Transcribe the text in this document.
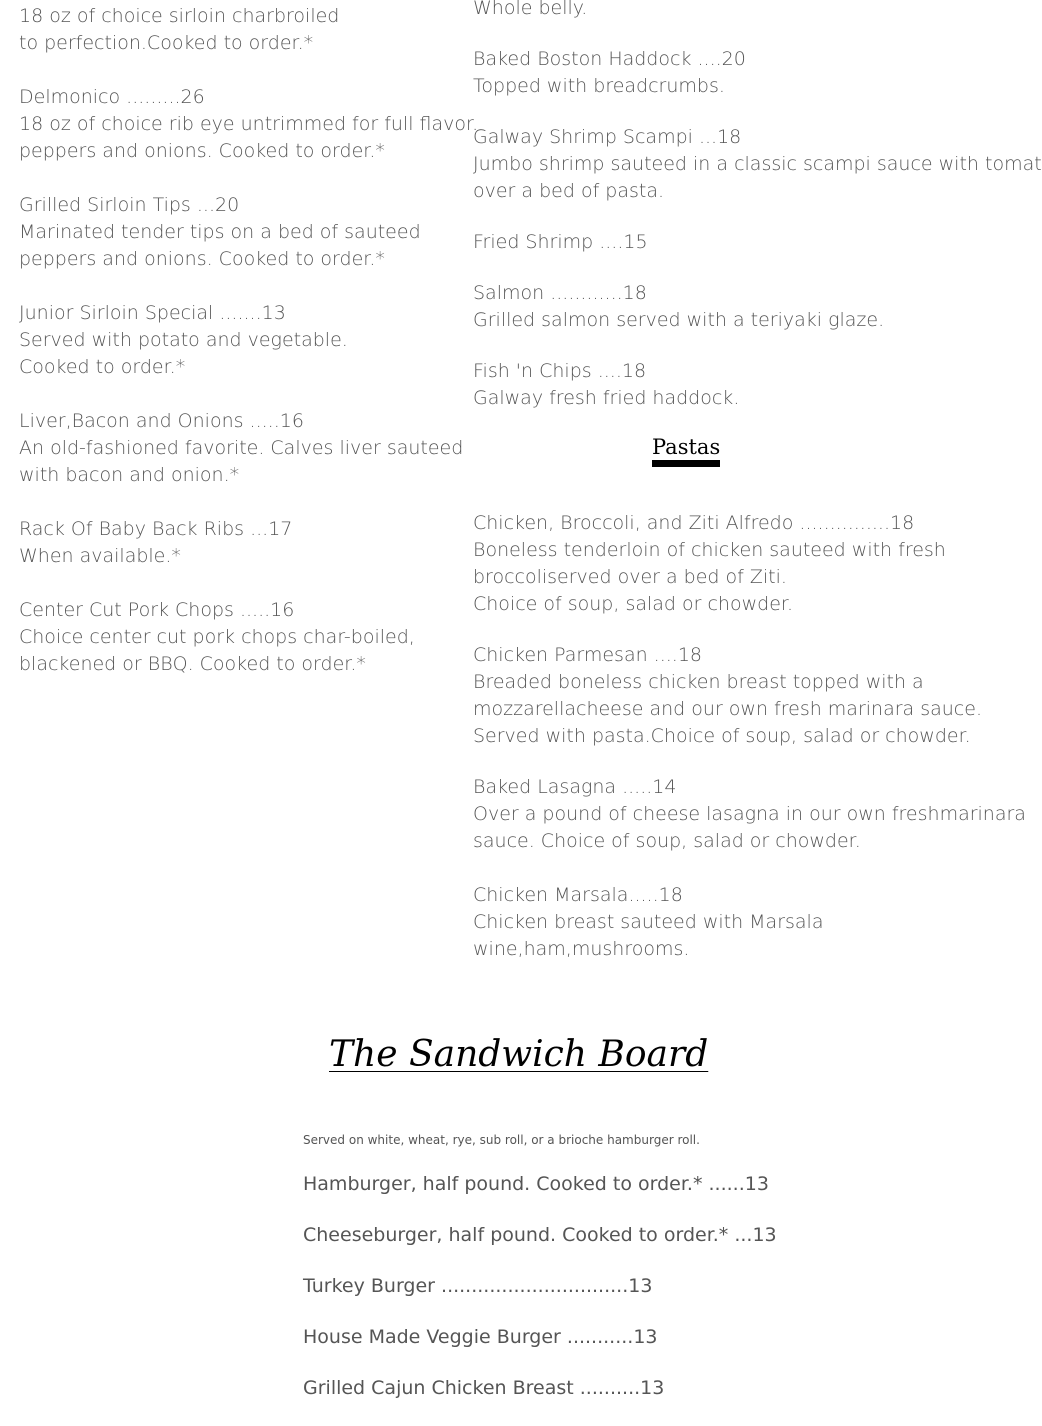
18 oz of choice sirloin charbroiled
to perfection.Cooked to order.*
Delmonico .........26
18 oz of choice rib eye untrimmed for full flavor.
peppers and onions. Cooked to order.*
Grilled Sirloin Tips ...20
Marinated tender tips on a bed of sauteed
peppers and onions. Cooked to order.*
Junior Sirloin Special .......13
Served with potato and vegetable.
Cooked to order.*
Liver,Bacon and Onions .....16
An old-fashioned favorite. Calves liver sauteed
with bacon and onion.*
Rack Of Baby Back Ribs ...17
When available.*
Center Cut Pork Chops .....16
Choice center cut pork chops char-boiled,
blackened or BBQ. Cooked to order.*
Whole belly.
Baked Boston Haddock ....20
Topped with breadcrumbs.
Galway Shrimp Scampi ...18
Jumbo shrimp sauteed in a classic scampi sauce with tomat
over a bed of pasta.
Fried Shrimp ....15
Salmon ............18
Grilled salmon served with a teriyaki glaze.
Fish 'n Chips ....18
Galway fresh fried haddock.
Pastas
Chicken, Broccoli, and Ziti Alfredo ...............18
Boneless tenderloin of chicken sauteed with fresh
broccoliserved over a bed of Ziti.
Choice of soup, salad or chowder.
Chicken Parmesan ....18
Breaded boneless chicken breast topped with a
mozzarellacheese and our own fresh marinara sauce.
Served with pasta.Choice of soup, salad or chowder.
Baked Lasagna .....14
Over a pound of cheese lasagna in our own freshmarinara
sauce. Choice of soup, salad or chowder.
Chicken Marsala.....18
Chicken breast sauteed with Marsala
wine,ham,mushrooms.
The Sandwich Board
Served on white, wheat, rye, sub roll, or a brioche hamburger roll.
Hamburger, half pound. Cooked to order.* ......13
Cheeseburger, half pound. Cooked to order.* ...13
Turkey Burger ...............................13
House Made Veggie Burger ...........13
Grilled Cajun Chicken Breast ..........13
